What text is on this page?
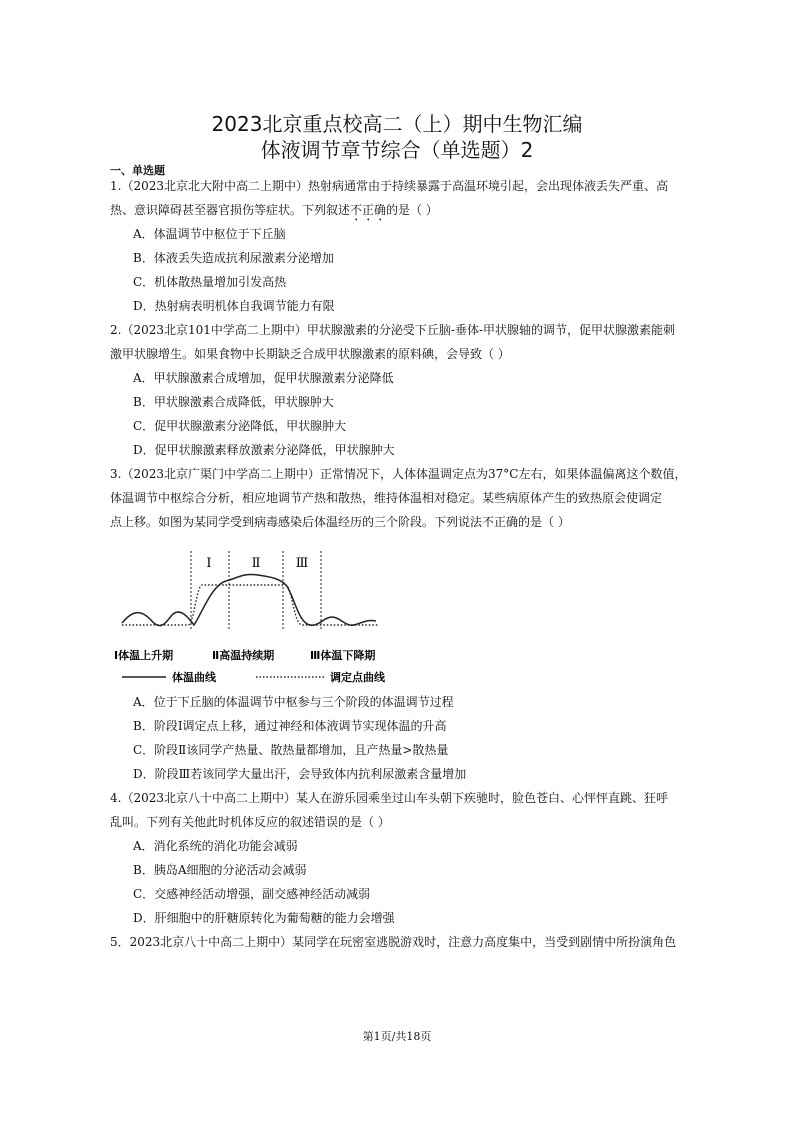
2023北京重点校高二（上）期中生物汇编
体液调节章节综合（单选题）2
一、单选题
1.（2023北京北大附中高二上期中）热射病通常由于持续暴露于高温环境引起，会出现体液丢失严重、高
热、意识障碍甚至器官损伤等症状。下列叙述不正确的是（ ）
A．体温调节中枢位于下丘脑
B．体液丢失造成抗利尿激素分泌增加
C．机体散热量增加引发高热
D．热射病表明机体自我调节能力有限
2.（2023北京101中学高二上期中）甲状腺激素的分泌受下丘脑-垂体-甲状腺轴的调节，促甲状腺激素能刺
激甲状腺增生。如果食物中长期缺乏合成甲状腺激素的原料碘，会导致（ ）
A．甲状腺激素合成增加，促甲状腺激素分泌降低
B．甲状腺激素合成降低，甲状腺肿大
C．促甲状腺激素分泌降低，甲状腺肿大
D．促甲状腺激素释放激素分泌降低，甲状腺肿大
3.（2023北京广渠门中学高二上期中）正常情况下，人体体温调定点为37°C左右，如果体温偏离这个数值，
体温调节中枢综合分析，相应地调节产热和散热，维持体温相对稳定。某些病原体产生的致热原会使调定
点上移。如图为某同学受到病毒感染后体温经历的三个阶段。下列说法不正确的是（ ）
Ⅰ	Ⅱ	Ⅲ
Ⅰ体温上升期	Ⅱ高温持续期	Ⅲ体温下降期
体温曲线	调定点曲线
A．位于下丘脑的体温调节中枢参与三个阶段的体温调节过程
B．阶段Ⅰ调定点上移，通过神经和体液调节实现体温的升高
C．阶段Ⅱ该同学产热量、散热量都增加，且产热量>散热量
D．阶段Ⅲ若该同学大量出汗，会导致体内抗利尿激素含量增加
4.（2023北京八十中高二上期中）某人在游乐园乘坐过山车头朝下疾驰时，脸色苍白、心怦怦直跳、狂呼
乱叫。下列有关他此时机体反应的叙述错误的是（ ）
A．消化系统的消化功能会减弱
B．胰岛A细胞的分泌活动会减弱
C．交感神经活动增强，副交感神经活动减弱
D．肝细胞中的肝糖原转化为葡萄糖的能力会增强
5．2023北京八十中高二上期中）某同学在玩密室逃脱游戏时，注意力高度集中，当受到剧情中所扮演角色
第1页/共18页
